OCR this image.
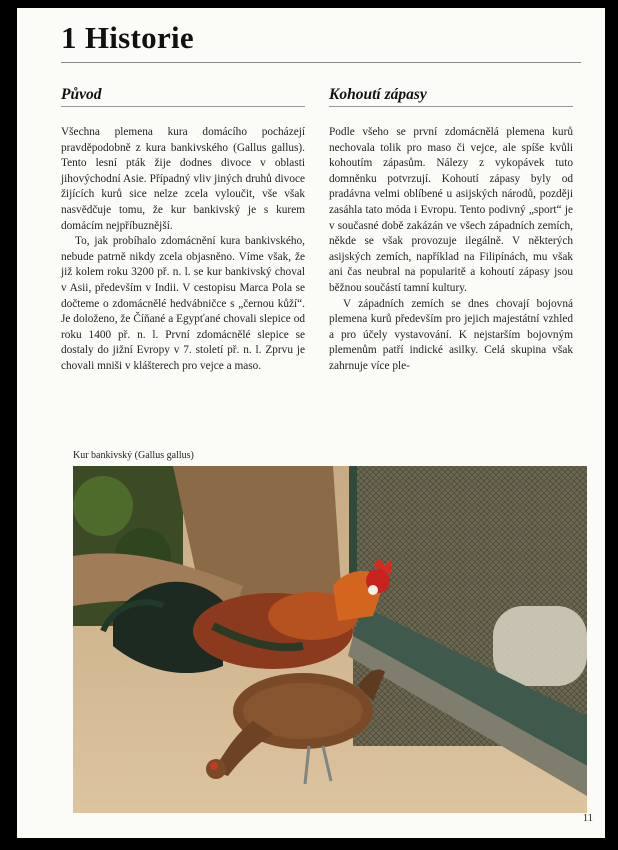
1 Historie
Původ

Všechna plemena kura domácího pocházejí pravděpodobně z kura bankivského (Gallus gallus). Tento lesní pták žije dodnes divoce v oblasti jihovýchodní Asie. Případný vliv jiných druhů divoce žijících kurů sice nelze zcela vyloučit, vše však nasvědčuje tomu, že kur bankivský je s kurem domácím nejpříbuznější.

To, jak probíhalo zdomácnění kura bankivského, nebude patrně nikdy zcela objasněno. Víme však, že již kolem roku 3200 př. n. l. se kur bankivský choval v Asii, především v Indii. V cestopisu Marca Pola se dočteme o zdomácnělé hedvábničce s „černou kůží“. Je doloženo, že Číňané a Egypťané chovali slepice od roku 1400 př. n. l. První zdomácnělé slepice se dostaly do jižní Evropy v 7. století př. n. l. Zprvu je chovali mniši v klášterech pro vejce a maso.

Kohoutí zápasy

Podle všeho se první zdomácnělá plemena kurů nechovala tolik pro maso či vejce, ale spíše kvůli kohoutím zápasům. Nálezy z vykopávek tuto domněnku potvrzují. Kohoutí zápasy byly od pradávna velmi oblíbené u asijských národů, později zasáhla tato móda i Evropu. Tento podivný „sport“ je v současné době zakázán ve všech západních zemích, někde se však provozuje ilegálně. V některých asijských zemích, například na Filipínách, mu však ani čas neubral na popularitě a kohoutí zápasy jsou běžnou součástí tamní kultury.

V západních zemích se dnes chovají bojovná plemena kurů především pro jejich majestátní vzhled a pro účely vystavování. K nejstarším bojovným plemenům patří indické asilky. Celá skupina však zahrnuje více ple-

Kur bankivský (Gallus gallus)
11
